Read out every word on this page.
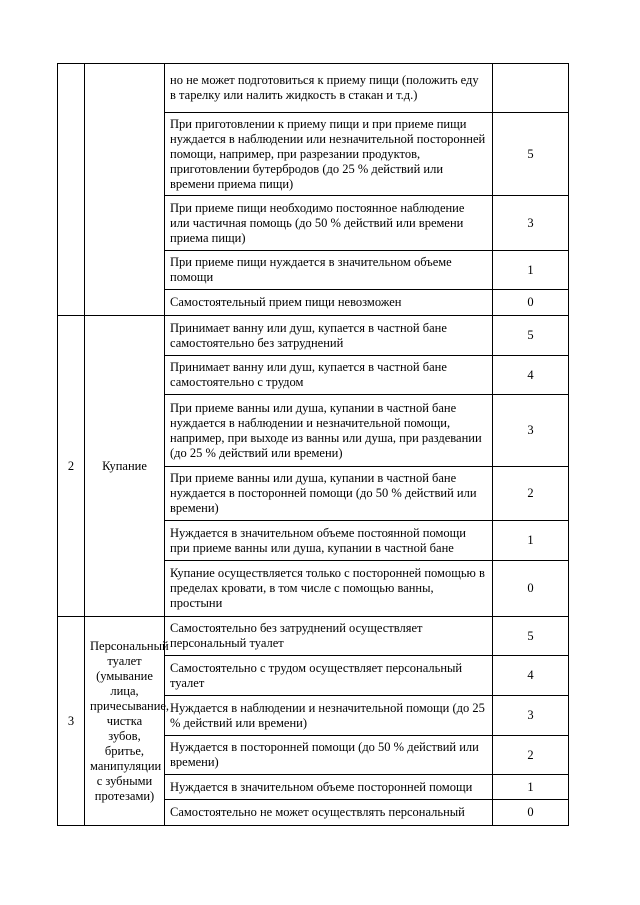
		но не может подготовиться к приему пищи (положить еду в тарелку или налить жидкость в стакан и т.д.)	
		При приготовлении к приему пищи и при приеме пищи нуждается в наблюдении или незначительной посторонней помощи, например, при разрезании продуктов, приготовлении бутербродов (до 25 % действий или времени приема пищи)	5
		При приеме пищи необходимо постоянное наблюдение или частичная помощь (до 50 % действий или времени приема пищи)	3
		При приеме пищи нуждается в значительном объеме помощи	1
		Самостоятельный прием пищи невозможен	0
2	Купание	Принимает ванну или душ, купается в частной бане самостоятельно без затруднений	5
		Принимает ванну или душ, купается в частной бане самостоятельно с трудом	4
		При приеме ванны или душа, купании в частной бане нуждается в наблюдении и незначительной помощи, например, при выходе из ванны или душа, при раздевании (до 25 % действий или времени)	3
		При приеме ванны или душа, купании в частной бане нуждается в посторонней помощи (до 50 % действий или времени)	2
		Нуждается в значительном объеме постоянной помощи при приеме ванны или душа, купании в частной бане	1
		Купание осуществляется только с посторонней помощью в пределах кровати, в том числе с помощью ванны, простыни	0
3	Персональный туалет (умывание лица, причесывание, чистка зубов, бритье, манипуляции с зубными протезами)	Самостоятельно без затруднений осуществляет персональный туалет	5
		Самостоятельно с трудом осуществляет персональный туалет	4
		Нуждается в наблюдении и незначительной помощи (до 25 % действий или времени)	3
		Нуждается в посторонней помощи (до 50 % действий или времени)	2
		Нуждается в значительном объеме посторонней помощи	1
		Самостоятельно не может осуществлять персональный	0
